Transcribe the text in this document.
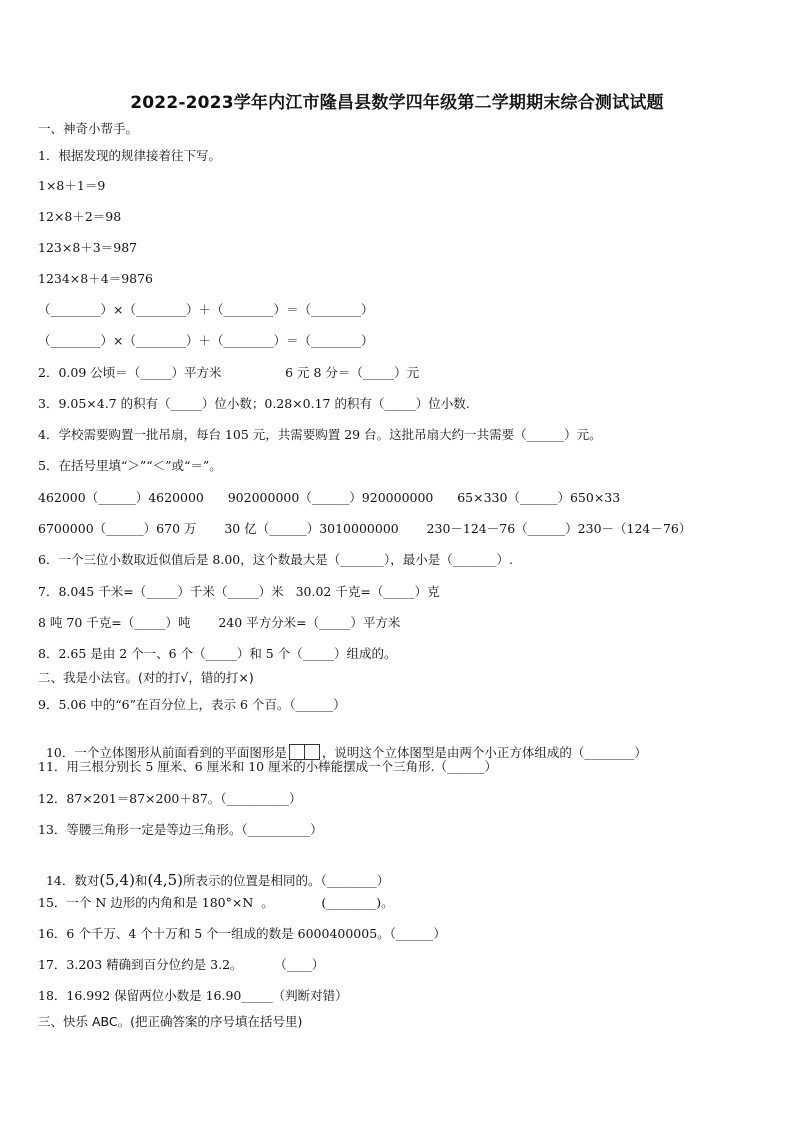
2022-2023学年内江市隆昌县数学四年级第二学期期末综合测试试题
一、神奇小帮手。
1．根据发现的规律接着往下写。
1×8＋1＝9
12×8＋2＝98
123×8＋3＝987
1234×8＋4＝9876
（________）×（________）＋（________）＝（________）
（________）×（________）＋（________）＝（________）
2．0.09 公顷＝（_____）平方米                6 元 8 分＝（_____）元
3．9.05×4.7 的积有（_____）位小数；0.28×0.17 的积有（_____）位小数.
4．学校需要购置一批吊扇，每台 105 元，共需要购置 29 台。这批吊扇大约一共需要（______）元。
5．在括号里填“＞”“＜”或“＝”。
462000（______）4620000      902000000（______）920000000      65×330（______）650×33
6700000（______）670 万       30 亿（______）3010000000       230－124－76（______）230－（124－76）
6．一个三位小数取近似值后是 8.00，这个数最大是（_______），最小是（_______）.
7．8.045 千米=（_____）千米（_____）米   30.02 千克=（_____）克
8 吨 70 千克=（_____）吨       240 平方分米=（_____）平方米
8．2.65 是由 2 个一、6 个（_____）和 5 个（_____）组成的。
二、我是小法官。(对的打√，错的打×)
9．5.06 中的“6”在百分位上，表示 6 个百。（______）

10．一个立体图形从前面看到的平面图形是	，说明这个立体图型是由两个小正方体组成的（________）

11．用三根分别长 5 厘米、6 厘米和 10 厘米的小棒能摆成一个三角形.（______）
12．87×201＝87×200＋87。（__________）
13．等腰三角形一定是等边三角形。（__________）

14．数对(5,4)和(4,5)所表示的位置是相同的。（________）

15．一个 N 边形的内角和是 180°×N  。            (________)。
16．6 个千万、4 个十万和 5 个一组成的数是 6000400005。（______）
17．3.203 精确到百分位约是 3.2。        （____）
18．16.992 保留两位小数是 16.90_____（判断对错）
三、快乐 ABC。(把正确答案的序号填在括号里)
